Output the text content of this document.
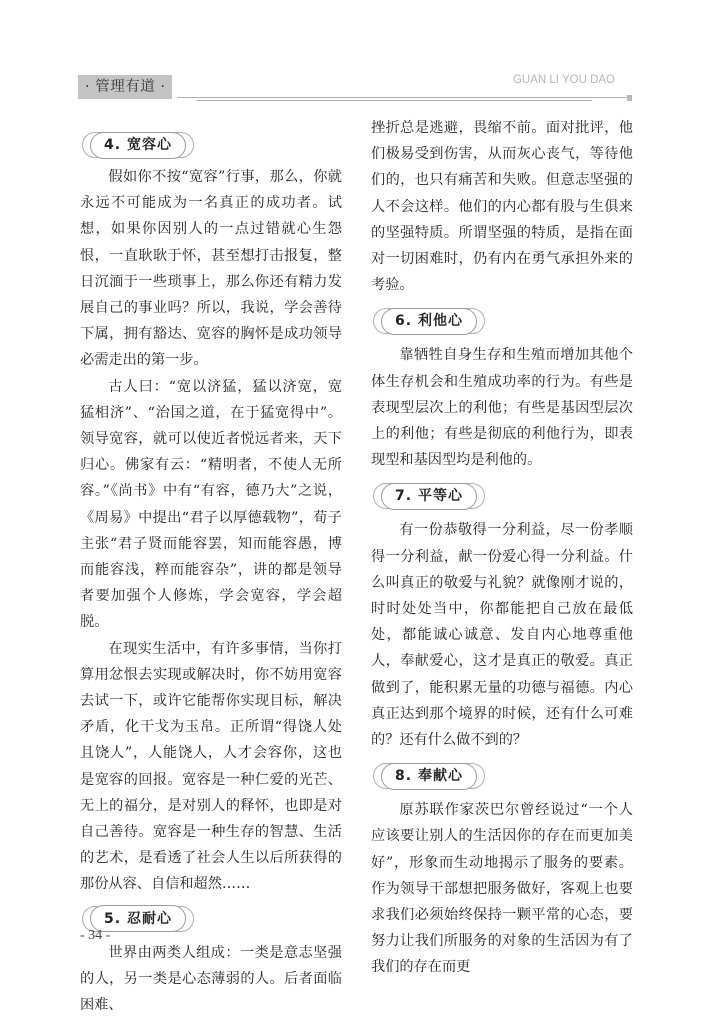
· 管理有道 ·	GUAN LI YOU DAO
4. 宽容心

假如你不按“宽容”行事，那么，你就永远不可能成为一名真正的成功者。试想，如果你因别人的一点过错就心生怨恨，一直耿耿于怀，甚至想打击报复，整日沉湎于一些琐事上，那么你还有精力发展自己的事业吗？所以，我说，学会善待下属，拥有豁达、宽容的胸怀是成功领导必需走出的第一步。

古人曰：“宽以济猛，猛以济宽，宽猛相济”、“治国之道，在于猛宽得中”。领导宽容，就可以使近者悦远者来，天下归心。佛家有云：“精明者，不使人无所容。”《尚书》中有“有容，德乃大”之说，《周易》中提出“君子以厚德载物”，荀子主张“君子贤而能容罢，知而能容愚，博而能容浅，粹而能容杂”，讲的都是领导者要加强个人修炼，学会宽容，学会超脱。

在现实生活中，有许多事情，当你打算用忿恨去实现或解决时，你不妨用宽容去试一下，或许它能帮你实现目标，解决矛盾，化干戈为玉帛。正所谓“得饶人处且饶人”，人能饶人，人才会容你，这也是宽容的回报。宽容是一种仁爱的光芒、无上的福分，是对别人的释怀，也即是对自己善待。宽容是一种生存的智慧、生活的艺术，是看透了社会人生以后所获得的那份从容、自信和超然……

5. 忍耐心

世界由两类人组成：一类是意志坚强的人，另一类是心态薄弱的人。后者面临困难、

挫折总是逃避，畏缩不前。面对批评，他们极易受到伤害，从而灰心丧气，等待他们的，也只有痛苦和失败。但意志坚强的人不会这样。他们的内心都有股与生俱来的坚强特质。所谓坚强的特质，是指在面对一切困难时，仍有内在勇气承担外来的考验。

6. 利他心

靠牺牲自身生存和生殖而增加其他个体生存机会和生殖成功率的行为。有些是表现型层次上的利他；有些是基因型层次上的利他；有些是彻底的利他行为，即表现型和基因型均是利他的。

7. 平等心

有一份恭敬得一分利益，尽一份孝顺得一分利益，献一份爱心得一分利益。什么叫真正的敬爱与礼貌？就像刚才说的，时时处处当中，你都能把自己放在最低处，都能诚心诚意、发自内心地尊重他人，奉献爱心，这才是真正的敬爱。真正做到了，能积累无量的功德与福德。内心真正达到那个境界的时候，还有什么可难的？还有什么做不到的？

8. 奉献心

原苏联作家茨巴尔曾经说过“一个人应该要让别人的生活因你的存在而更加美好”，形象而生动地揭示了服务的要素。作为领导干部想把服务做好，客观上也要求我们必须始终保持一颗平常的心态，要努力让我们所服务的对象的生活因为有了我们的存在而更

- 34 -
